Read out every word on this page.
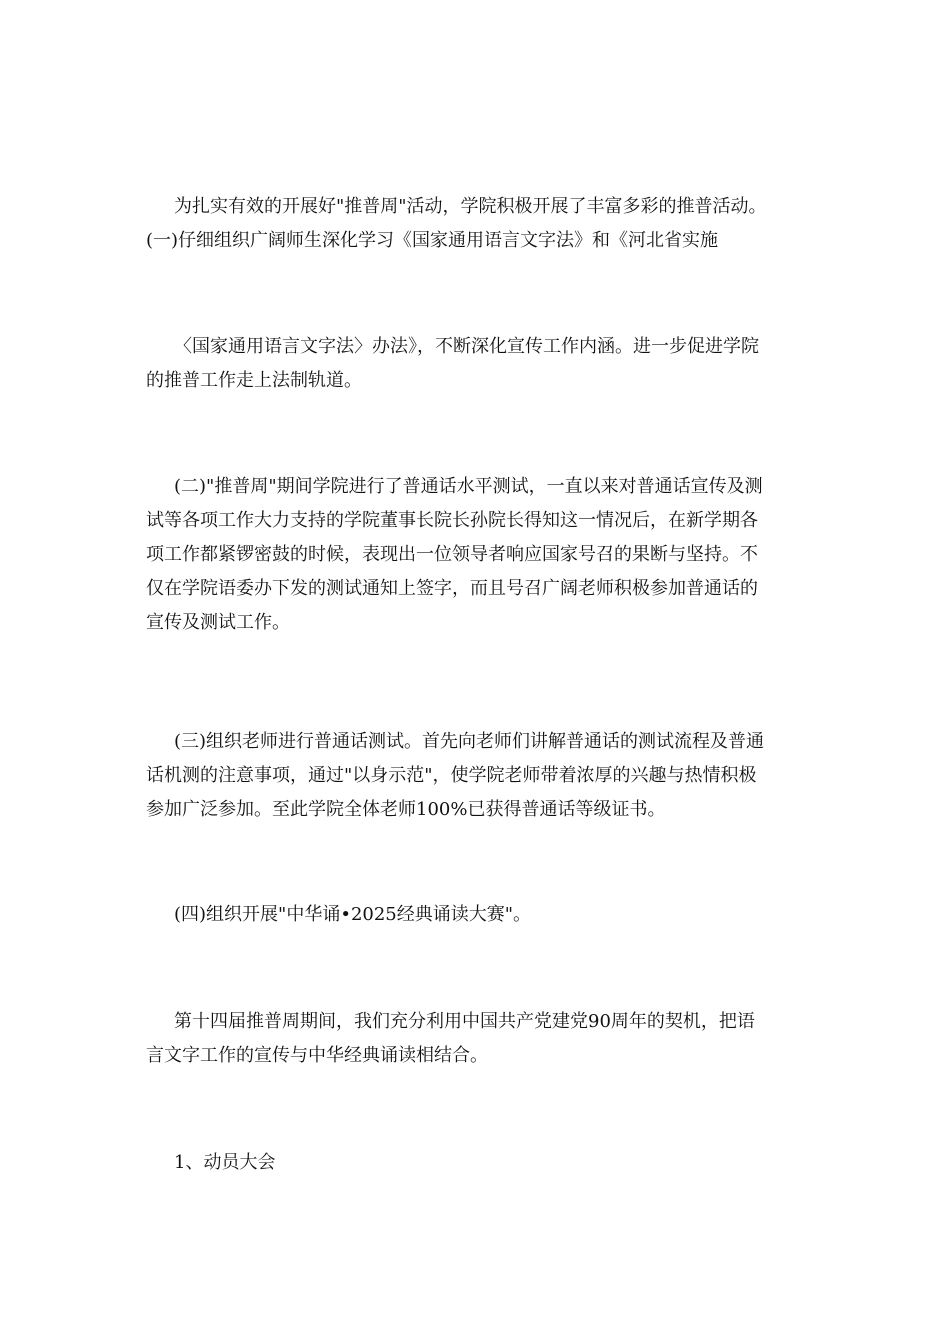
为扎实有效的开展好"推普周"活动，学院积极开展了丰富多彩的推普活动。
(一)仔细组织广阔师生深化学习《国家通用语言文字法》和《河北省实施

〈国家通用语言文字法〉办法》，不断深化宣传工作内涵。进一步促进学院
的推普工作走上法制轨道。

(二)"推普周"期间学院进行了普通话水平测试，一直以来对普通话宣传及测
试等各项工作大力支持的学院董事长院长孙院长得知这一情况后，在新学期各
项工作都紧锣密鼓的时候，表现出一位领导者响应国家号召的果断与坚持。不
仅在学院语委办下发的测试通知上签字，而且号召广阔老师积极参加普通话的
宣传及测试工作。

(三)组织老师进行普通话测试。首先向老师们讲解普通话的测试流程及普通
话机测的注意事项，通过"以身示范"，使学院老师带着浓厚的兴趣与热情积极
参加广泛参加。至此学院全体老师100%已获得普通话等级证书。

(四)组织开展"中华诵•2025经典诵读大赛"。

第十四届推普周期间，我们充分利用中国共产党建党90周年的契机，把语
言文字工作的宣传与中华经典诵读相结合。

1、动员大会
